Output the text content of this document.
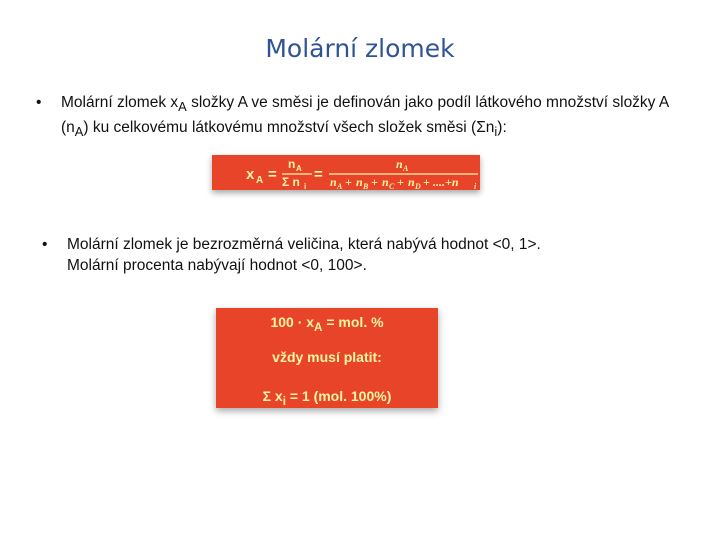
Molární zlomek
•	Molární zlomek $x_A$ složky A ve směsi je definován jako podíl látkového množství složky A $(n_A)$ ku celkovému látkovému množství všech složek směsi $(\Sigma n_i)$:
x A =
n A
Σ n i
=
n A
n A + n B + n C + n D + ....+n i
•	Molární zlomek je bezrozměrná veličina, která nabývá hodnot <0, 1>.
Molární procenta nabývají hodnot <0, 100>.
$100 \cdot x_A$ = mol. %
vždy musí platit:
Σ $x_i = 1$ (mol. 100%)
